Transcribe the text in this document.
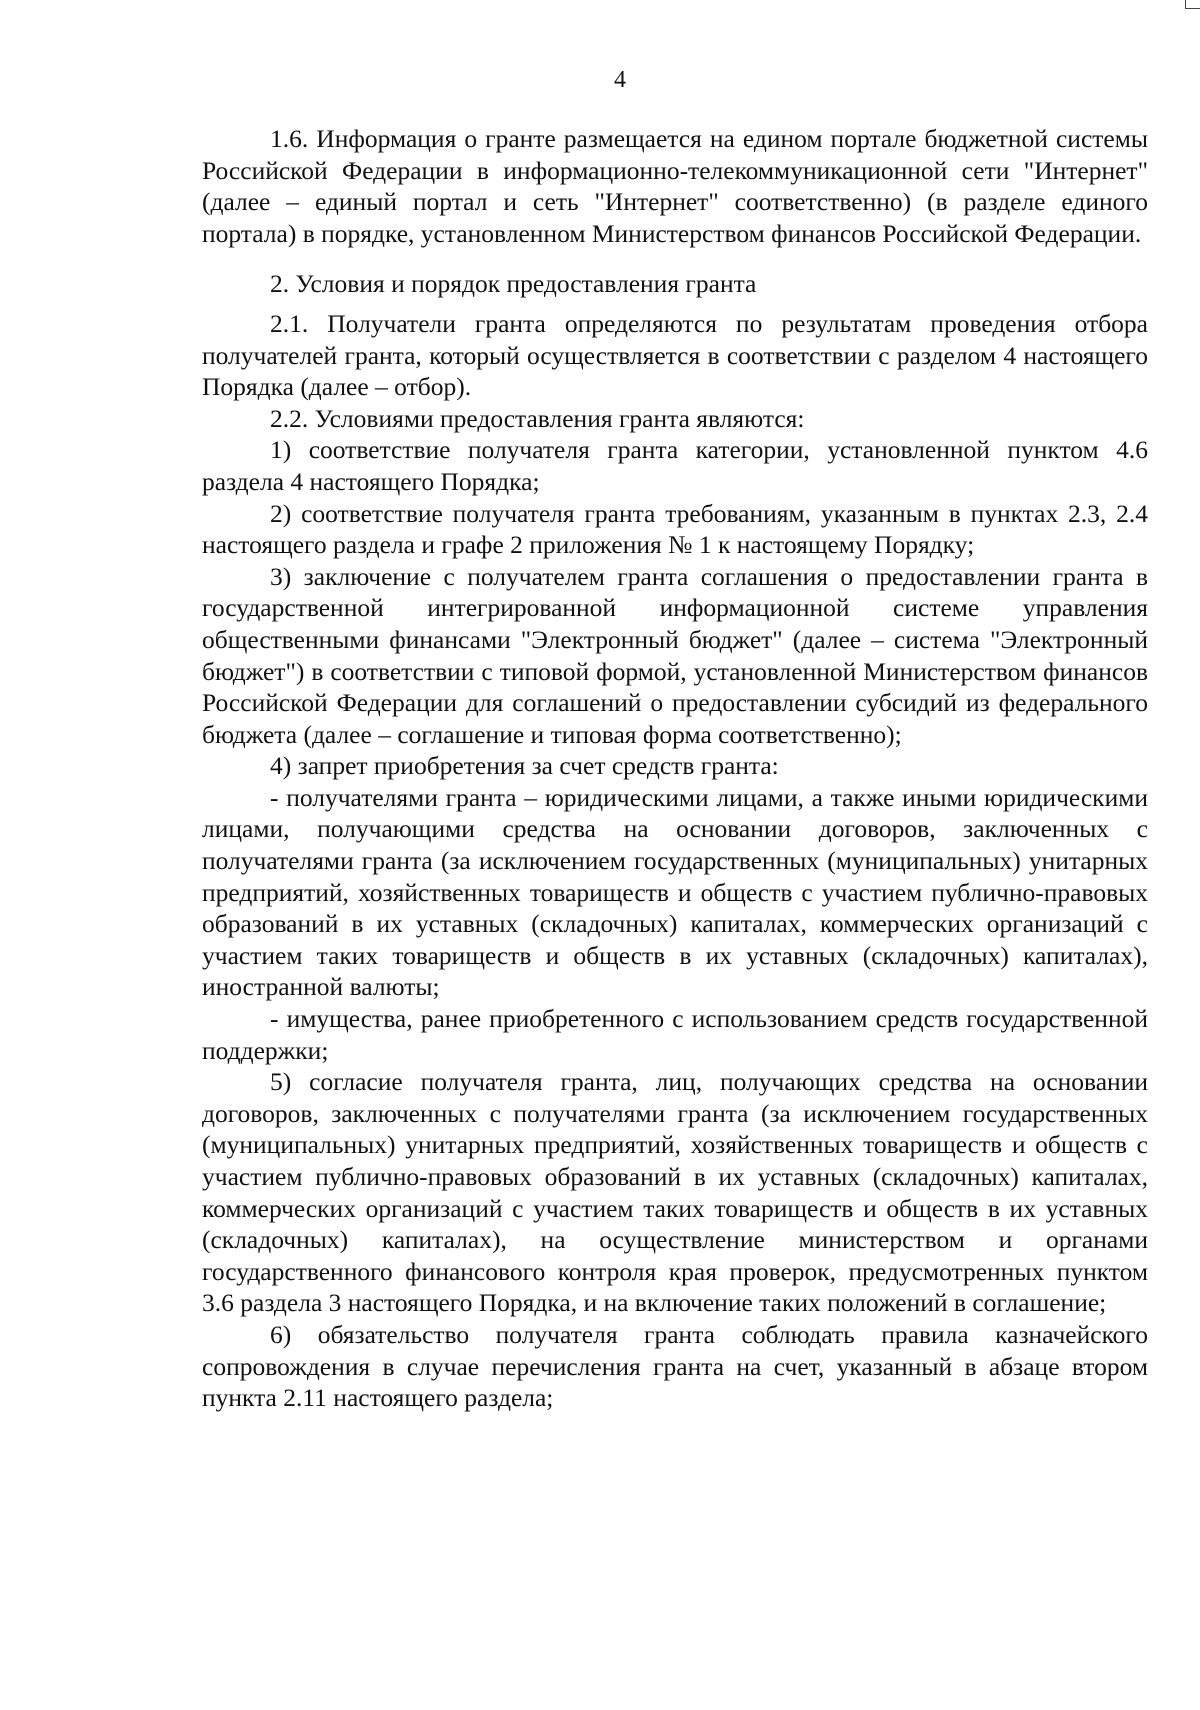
4

1.6. Информация о гранте размещается на едином портале бюджетной системы Российской Федерации в информационно-телекоммуникационной сети "Интернет" (далее – единый портал и сеть "Интернет" соответственно) (в разделе единого портала) в порядке, установленном Министерством финансов Российской Федерации.

2. Условия и порядок предоставления гранта

2.1. Получатели гранта определяются по результатам проведения отбора получателей гранта, который осуществляется в соответствии с разделом 4 настоящего Порядка (далее – отбор).

2.2. Условиями предоставления гранта являются:

1) соответствие получателя гранта категории, установленной пунктом 4.6 раздела 4 настоящего Порядка;

2) соответствие получателя гранта требованиям, указанным в пунктах 2.3, 2.4 настоящего раздела и графе 2 приложения № 1 к настоящему Порядку;

3) заключение с получателем гранта соглашения о предоставлении гранта в государственной интегрированной информационной системе управления общественными финансами "Электронный бюджет" (далее – система "Электронный бюджет") в соответствии с типовой формой, установленной Министерством финансов Российской Федерации для соглашений о предоставлении субсидий из федерального бюджета (далее – соглашение и типовая форма соответственно);

4) запрет приобретения за счет средств гранта:

- получателями гранта – юридическими лицами, а также иными юридическими лицами, получающими средства на основании договоров, заключенных с получателями гранта (за исключением государственных (муниципальных) унитарных предприятий, хозяйственных товариществ и обществ с участием публично-правовых образований в их уставных (складочных) капиталах, коммерческих организаций с участием таких товариществ и обществ в их уставных (складочных) капиталах), иностранной валюты;

- имущества, ранее приобретенного с использованием средств государственной поддержки;

5) согласие получателя гранта, лиц, получающих средства на основании договоров, заключенных с получателями гранта (за исключением государственных (муниципальных) унитарных предприятий, хозяйственных товариществ и обществ с участием публично-правовых образований в их уставных (складочных) капиталах, коммерческих организаций с участием таких товариществ и обществ в их уставных (складочных) капиталах), на осуществление министерством и органами государственного финансового контроля края проверок, предусмотренных пунктом 3.6 раздела 3 настоящего Порядка, и на включение таких положений в соглашение;

6) обязательство получателя гранта соблюдать правила казначейского сопровождения в случае перечисления гранта на счет, указанный в абзаце втором пункта 2.11 настоящего раздела;
